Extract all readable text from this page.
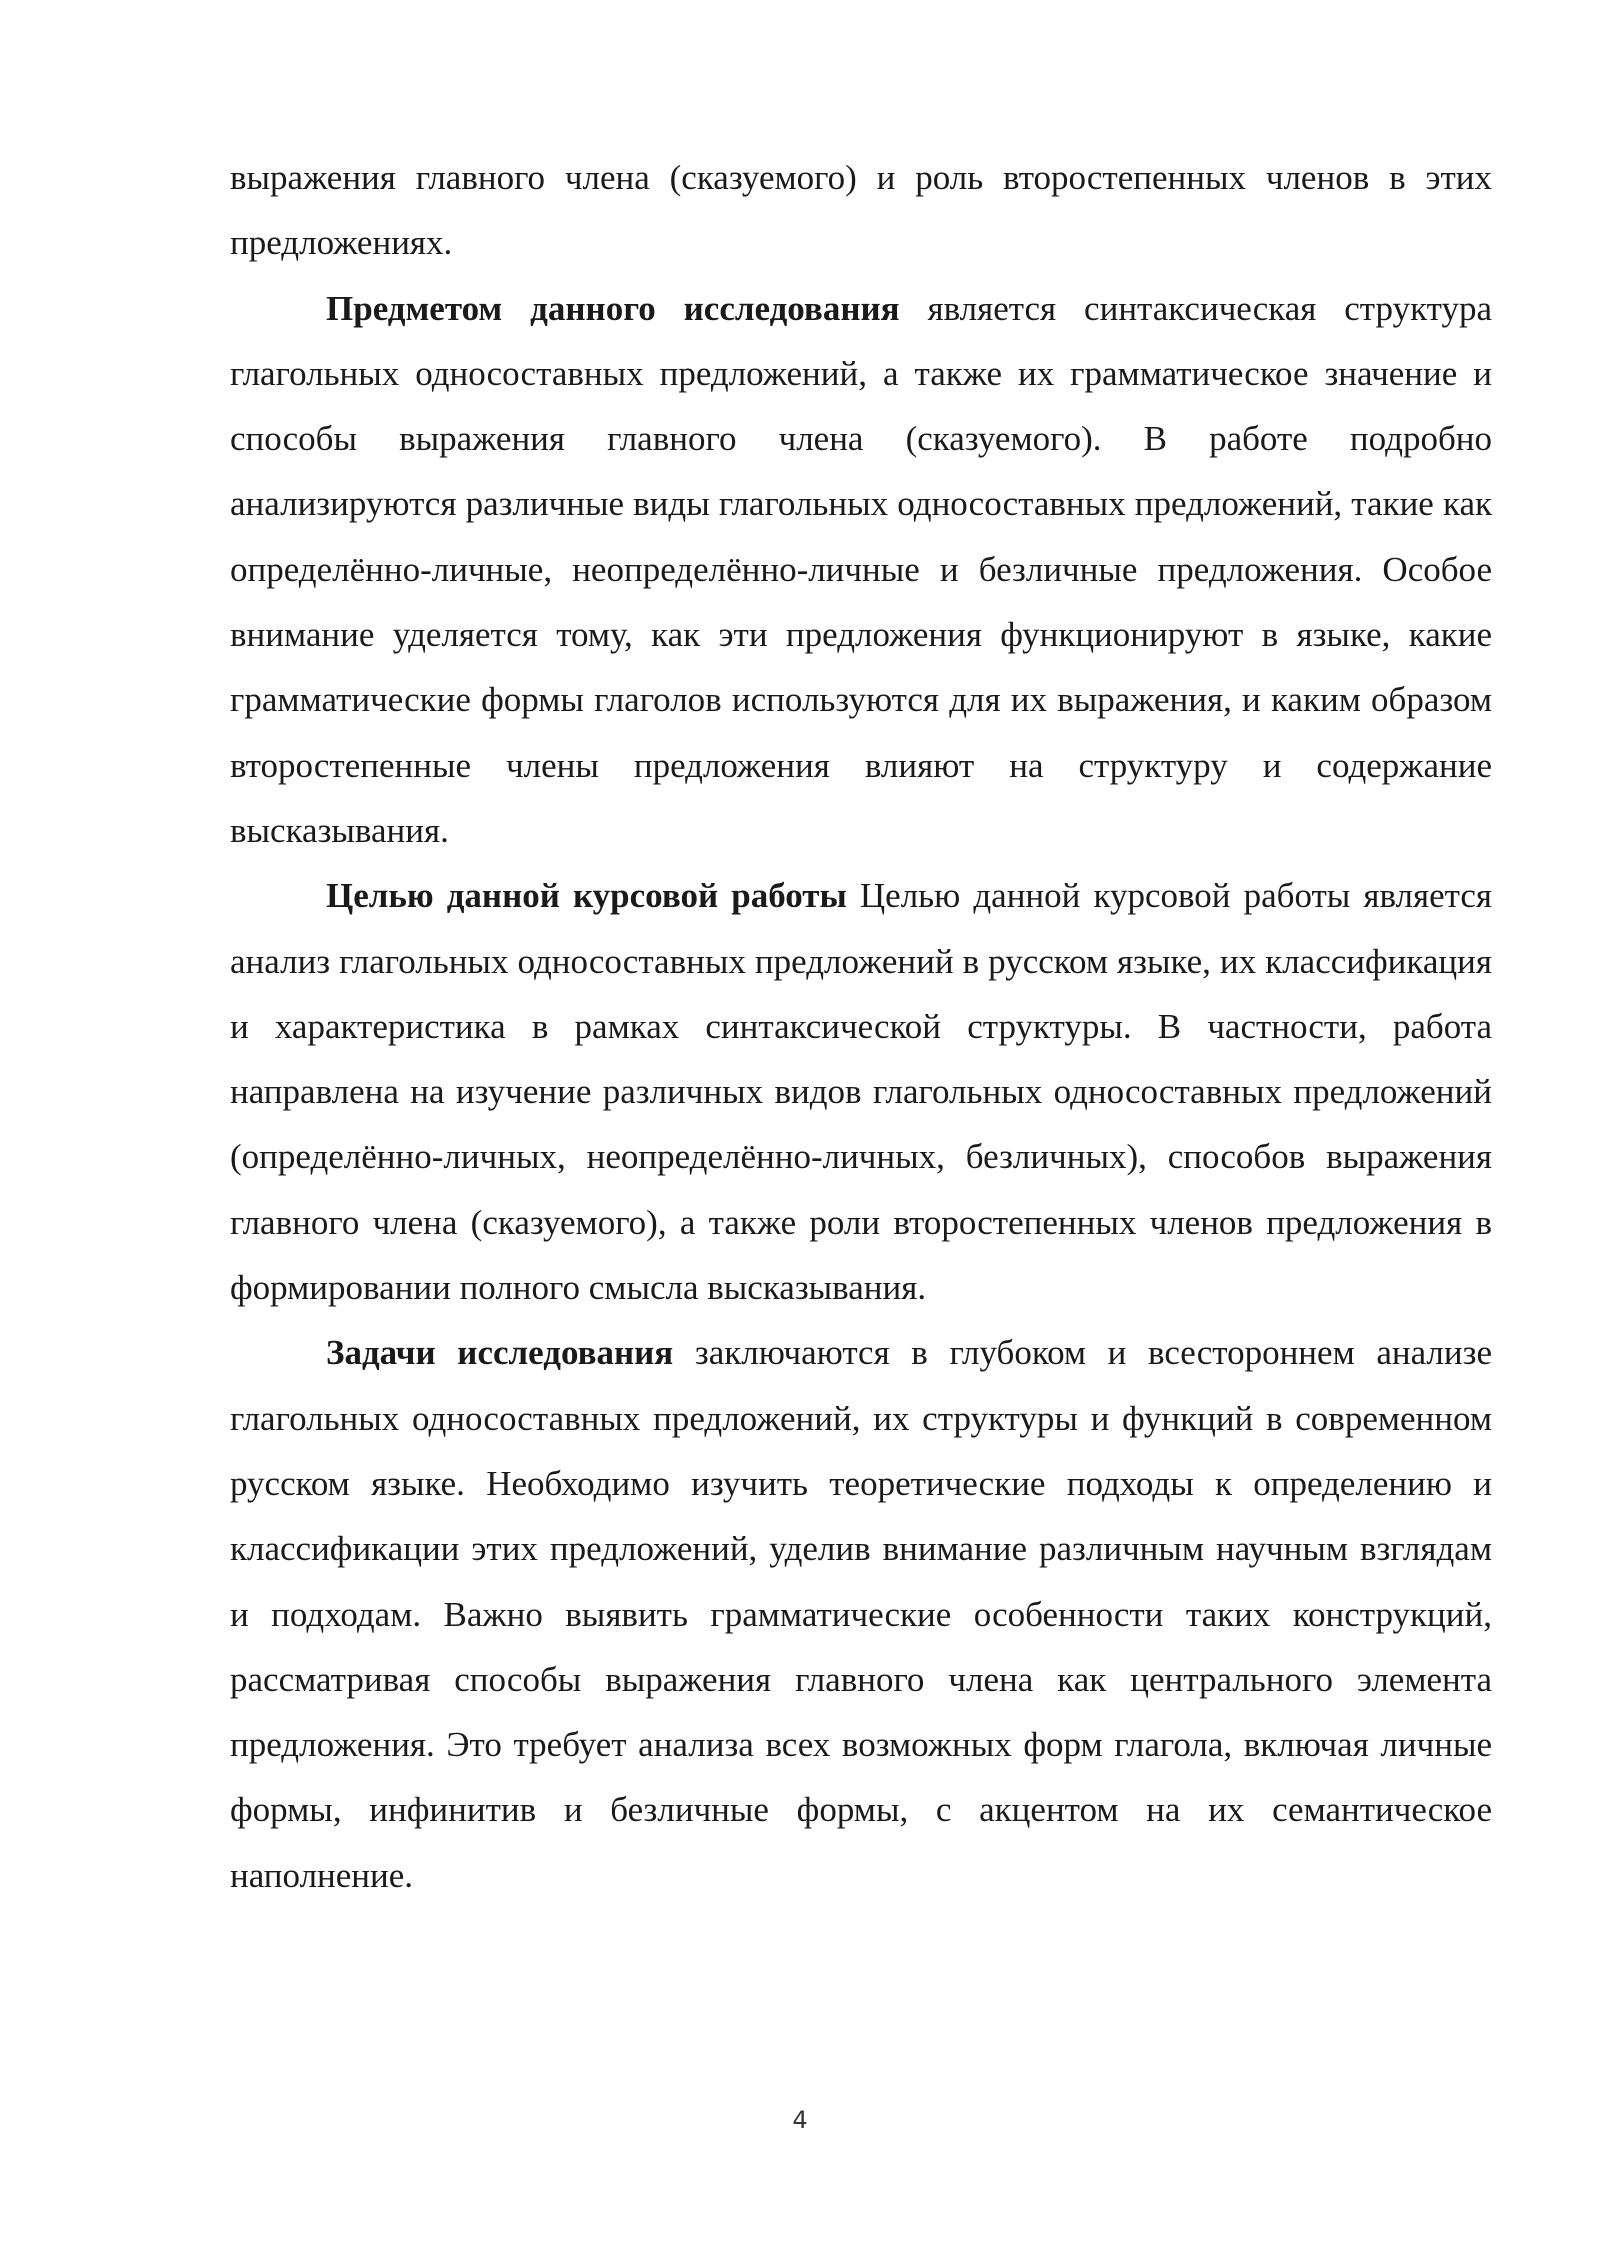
выражения главного члена (сказуемого) и роль второстепенных членов в этих предложениях.

Предметом данного исследования является синтаксическая структура глагольных односоставных предложений, а также их грамматическое значение и способы выражения главного члена (сказуемого). В работе подробно анализируются различные виды глагольных односоставных предложений, такие как определённо-личные, неопределённо-личные и безличные предложения. Особое внимание уделяется тому, как эти предложения функционируют в языке, какие грамматические формы глаголов используются для их выражения, и каким образом второстепенные члены предложения влияют на структуру и содержание высказывания.

Целью данной курсовой работы Целью данной курсовой работы является анализ глагольных односоставных предложений в русском языке, их классификация и характеристика в рамках синтаксической структуры. В частности, работа направлена на изучение различных видов глагольных односоставных предложений (определённо-личных, неопределённо-личных, безличных), способов выражения главного члена (сказуемого), а также роли второстепенных членов предложения в формировании полного смысла высказывания.

Задачи исследования заключаются в глубоком и всестороннем анализе глагольных односоставных предложений, их структуры и функций в современном русском языке. Необходимо изучить теоретические подходы к определению и классификации этих предложений, уделив внимание различным научным взглядам и подходам. Важно выявить грамматические особенности таких конструкций, рассматривая способы выражения главного члена как центрального элемента предложения. Это требует анализа всех возможных форм глагола, включая личные формы, инфинитив и безличные формы, с акцентом на их семантическое наполнение.

4
